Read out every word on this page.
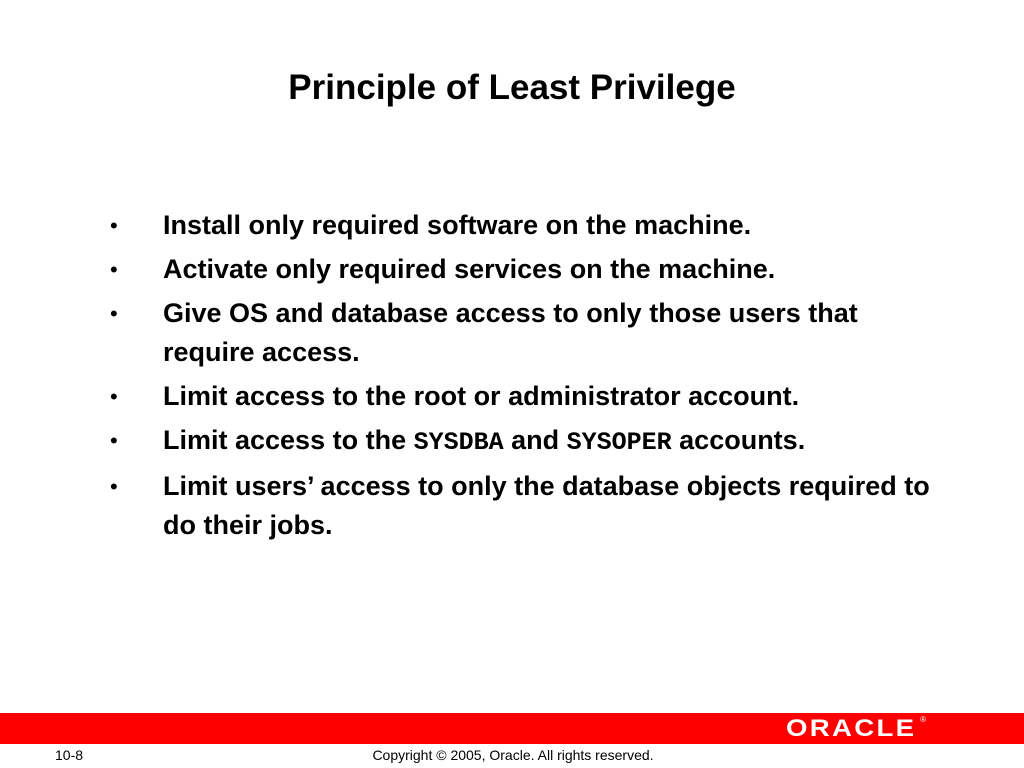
Principle of Least Privilege
•	Install only required software on the machine.
•	Activate only required services on the machine.
•	Give OS and database access to only those users that require access.
•	Limit access to the root or administrator account.
•	Limit access to the SYSDBA and SYSOPER accounts.
•	Limit users’ access to only the database objects required to do their jobs.
ORACLE ®
10-8	Copyright © 2005, Oracle. All rights reserved.
